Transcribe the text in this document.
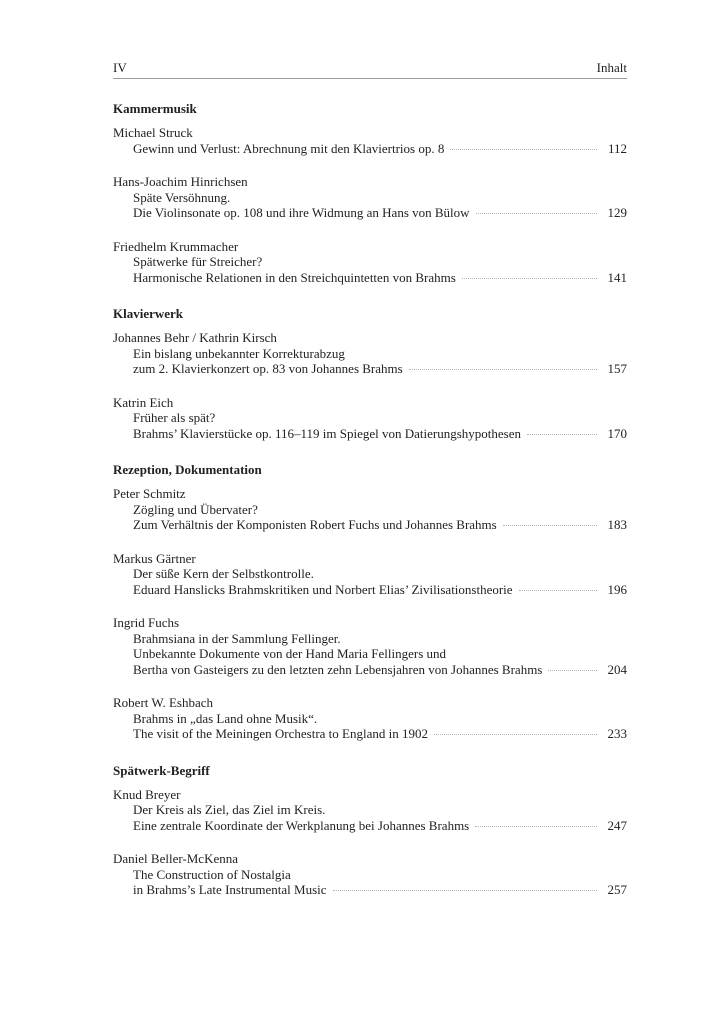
IV	Inhalt
Kammermusik
Michael Struck
Gewinn und Verlust: Abrechnung mit den Klaviertrios op. 8	112
Hans-Joachim Hinrichsen
Späte Versöhnung.
Die Violinsonate op. 108 und ihre Widmung an Hans von Bülow	129
Friedhelm Krummacher
Spätwerke für Streicher?
Harmonische Relationen in den Streichquintetten von Brahms	141
Klavierwerk
Johannes Behr / Kathrin Kirsch
Ein bislang unbekannter Korrekturabzug
zum 2. Klavierkonzert op. 83 von Johannes Brahms	157
Katrin Eich
Früher als spät?
Brahms’ Klavierstücke op. 116–119 im Spiegel von Datierungshypothesen	170
Rezeption, Dokumentation
Peter Schmitz
Zögling und Übervater?
Zum Verhältnis der Komponisten Robert Fuchs und Johannes Brahms	183
Markus Gärtner
Der süße Kern der Selbstkontrolle.
Eduard Hanslicks Brahmskritiken und Norbert Elias’ Zivilisationstheorie	196
Ingrid Fuchs
Brahmsiana in der Sammlung Fellinger.
Unbekannte Dokumente von der Hand Maria Fellingers und
Bertha von Gasteigers zu den letzten zehn Lebensjahren von Johannes Brahms	204
Robert W. Eshbach
Brahms in „das Land ohne Musik“.
The visit of the Meiningen Orchestra to England in 1902	233
Spätwerk-Begriff
Knud Breyer
Der Kreis als Ziel, das Ziel im Kreis.
Eine zentrale Koordinate der Werkplanung bei Johannes Brahms	247
Daniel Beller-McKenna
The Construction of Nostalgia
in Brahms’s Late Instrumental Music	257
